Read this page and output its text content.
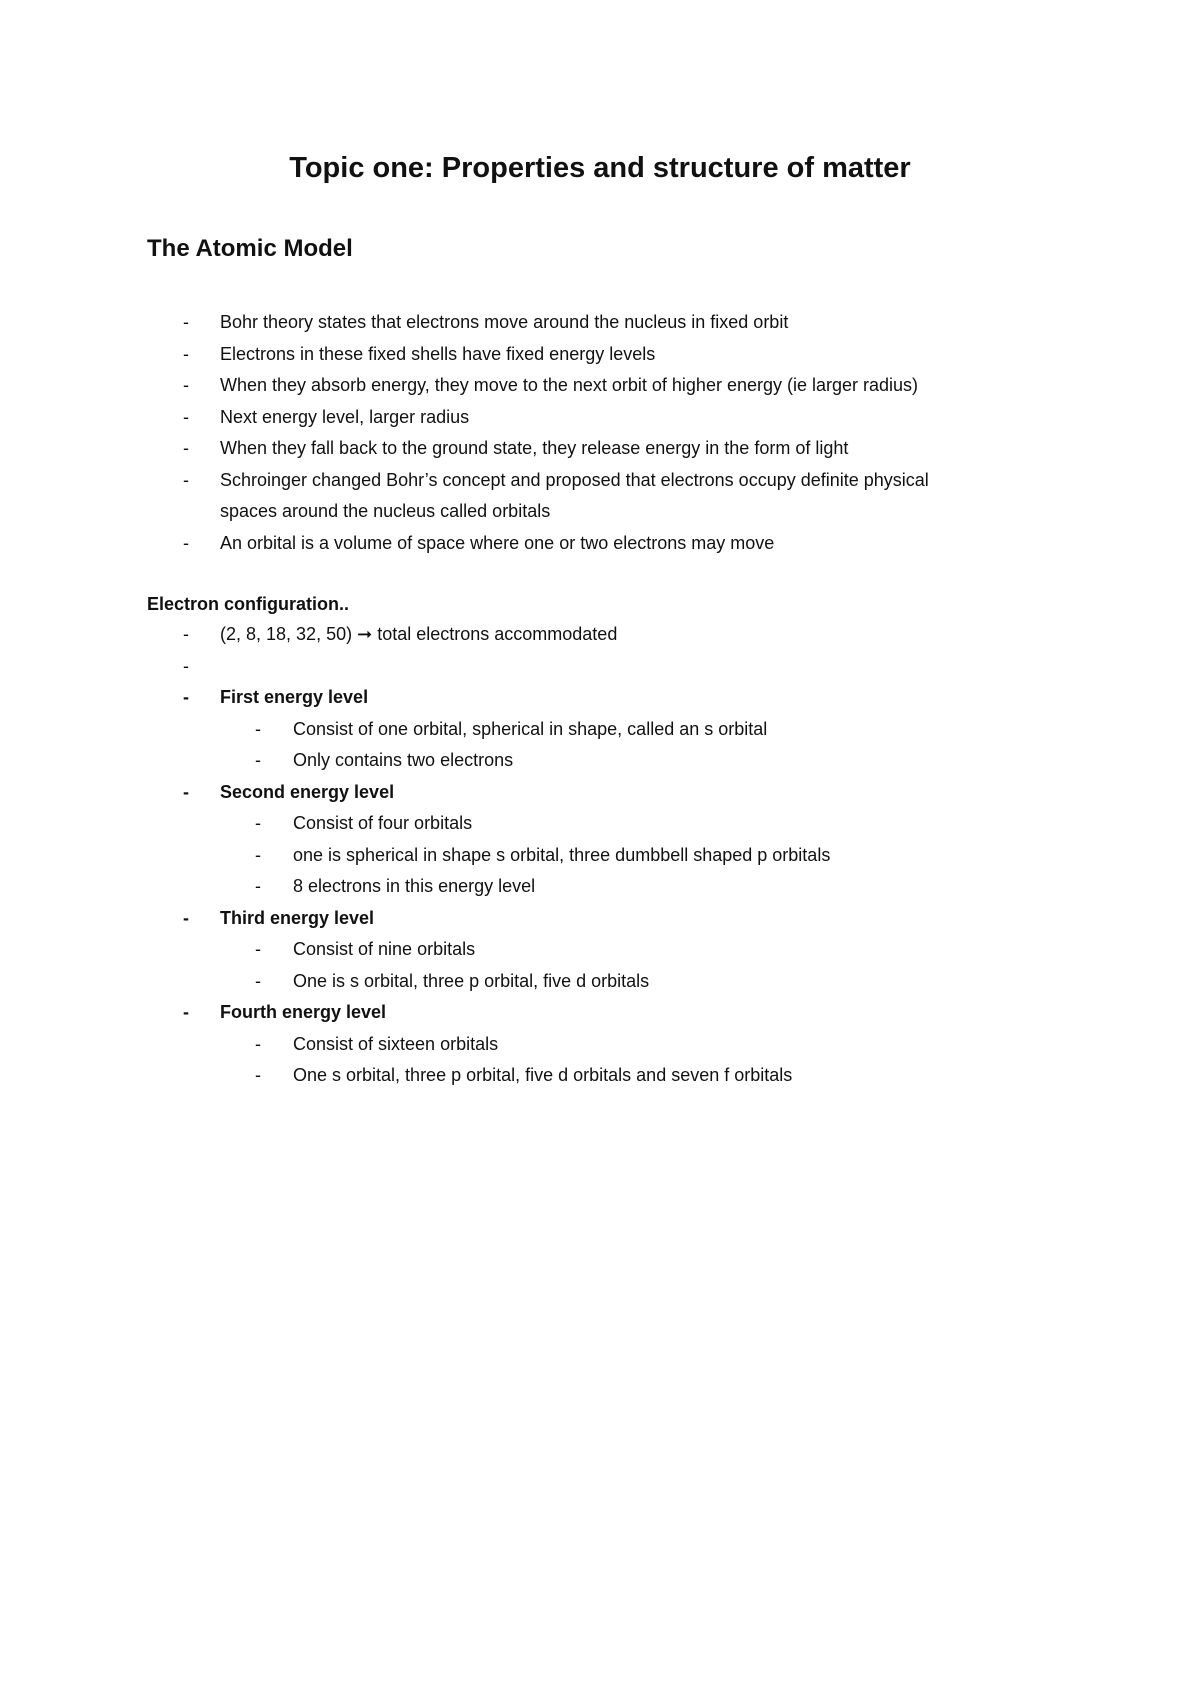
Topic one: Properties and structure of matter
The Atomic Model
- Bohr theory states that electrons move around the nucleus in fixed orbit
- Electrons in these fixed shells have fixed energy levels
- When they absorb energy, they move to the next orbit of higher energy (ie larger radius)
- Next energy level, larger radius
- When they fall back to the ground state, they release energy in the form of light
- Schroinger changed Bohr’s concept and proposed that electrons occupy definite physical
spaces around the nucleus called orbitals
- An orbital is a volume of space where one or two electrons may move
Electron configuration..
- (2, 8, 18, 32, 50) ➞ total electrons accommodated
-

- First energy level
- Consist of one orbital, spherical in shape, called an s orbital
- Only contains two electrons
- Second energy level
- Consist of four orbitals
- one is spherical in shape s orbital, three dumbbell shaped p orbitals
- 8 electrons in this energy level
- Third energy level
- Consist of nine orbitals
- One is s orbital, three p orbital, five d orbitals
- Fourth energy level
- Consist of sixteen orbitals
- One s orbital, three p orbital, five d orbitals and seven f orbitals
